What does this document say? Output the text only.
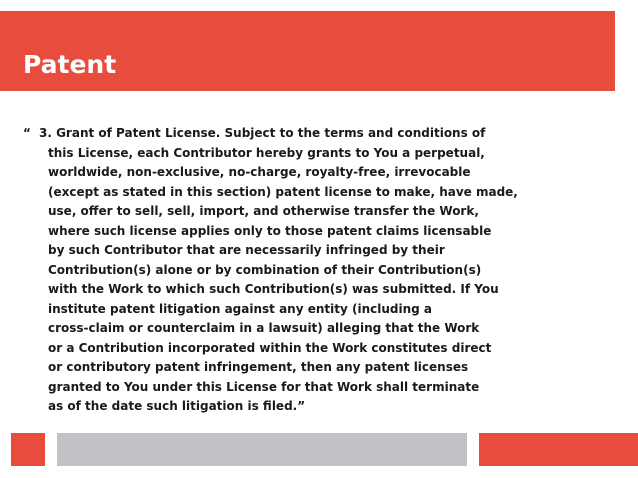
Patent
“ 3. Grant of Patent License. Subject to the terms and conditions of
this License, each Contributor hereby grants to You a perpetual,
worldwide, non-exclusive, no-charge, royalty-free, irrevocable
(except as stated in this section) patent license to make, have made,
use, offer to sell, sell, import, and otherwise transfer the Work,
where such license applies only to those patent claims licensable
by such Contributor that are necessarily infringed by their
Contribution(s) alone or by combination of their Contribution(s)
with the Work to which such Contribution(s) was submitted. If You
institute patent litigation against any entity (including a
cross-claim or counterclaim in a lawsuit) alleging that the Work
or a Contribution incorporated within the Work constitutes direct
or contributory patent infringement, then any patent licenses
granted to You under this License for that Work shall terminate
as of the date such litigation is filed.”
